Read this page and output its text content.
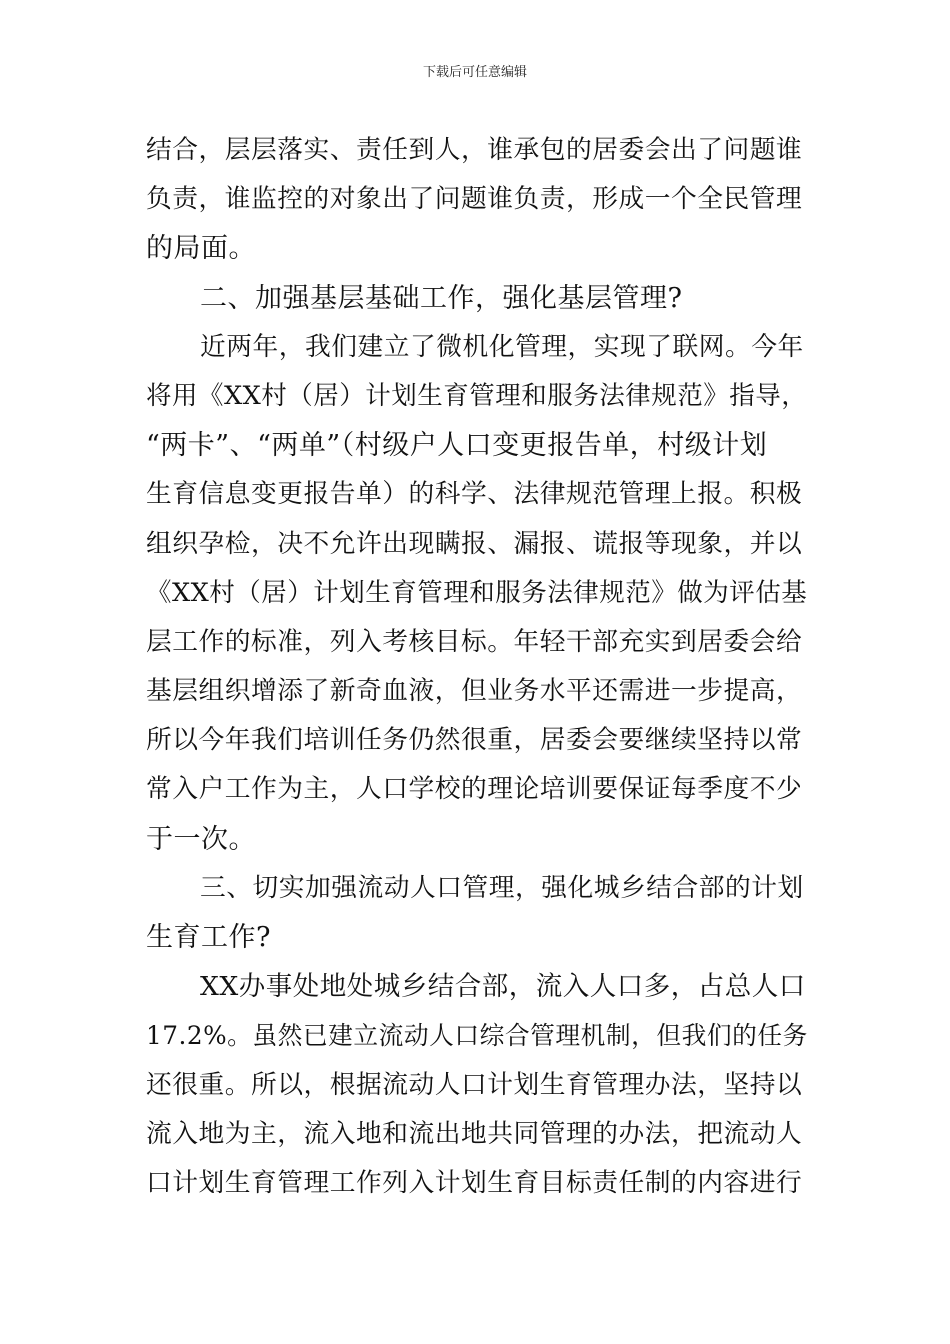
下载后可任意编辑
结合，层层落实、责任到人，谁承包的居委会出了问题谁
负责，谁监控的对象出了问题谁负责，形成一个全民管理
的局面。
二、加强基层基础工作，强化基层管理?
近两年，我们建立了微机化管理，实现了联网。今年
将用《XX村（居）计划生育管理和服务法律规范》指导，
“两卡”、“两单”（村级户人口变更报告单，村级计划
生育信息变更报告单）的科学、法律规范管理上报。积极
组织孕检，决不允许出现瞒报、漏报、谎报等现象，并以
《XX村（居）计划生育管理和服务法律规范》做为评估基
层工作的标准，列入考核目标。年轻干部充实到居委会给
基层组织增添了新奇血液，但业务水平还需进一步提高，
所以今年我们培训任务仍然很重，居委会要继续坚持以常
常入户工作为主，人口学校的理论培训要保证每季度不少
于一次。
三、切实加强流动人口管理，强化城乡结合部的计划
生育工作?
XX办事处地处城乡结合部，流入人口多，占总人口
17.2%。虽然已建立流动人口综合管理机制，但我们的任务
还很重。所以，根据流动人口计划生育管理办法，坚持以
流入地为主，流入地和流出地共同管理的办法，把流动人
口计划生育管理工作列入计划生育目标责任制的内容进行
